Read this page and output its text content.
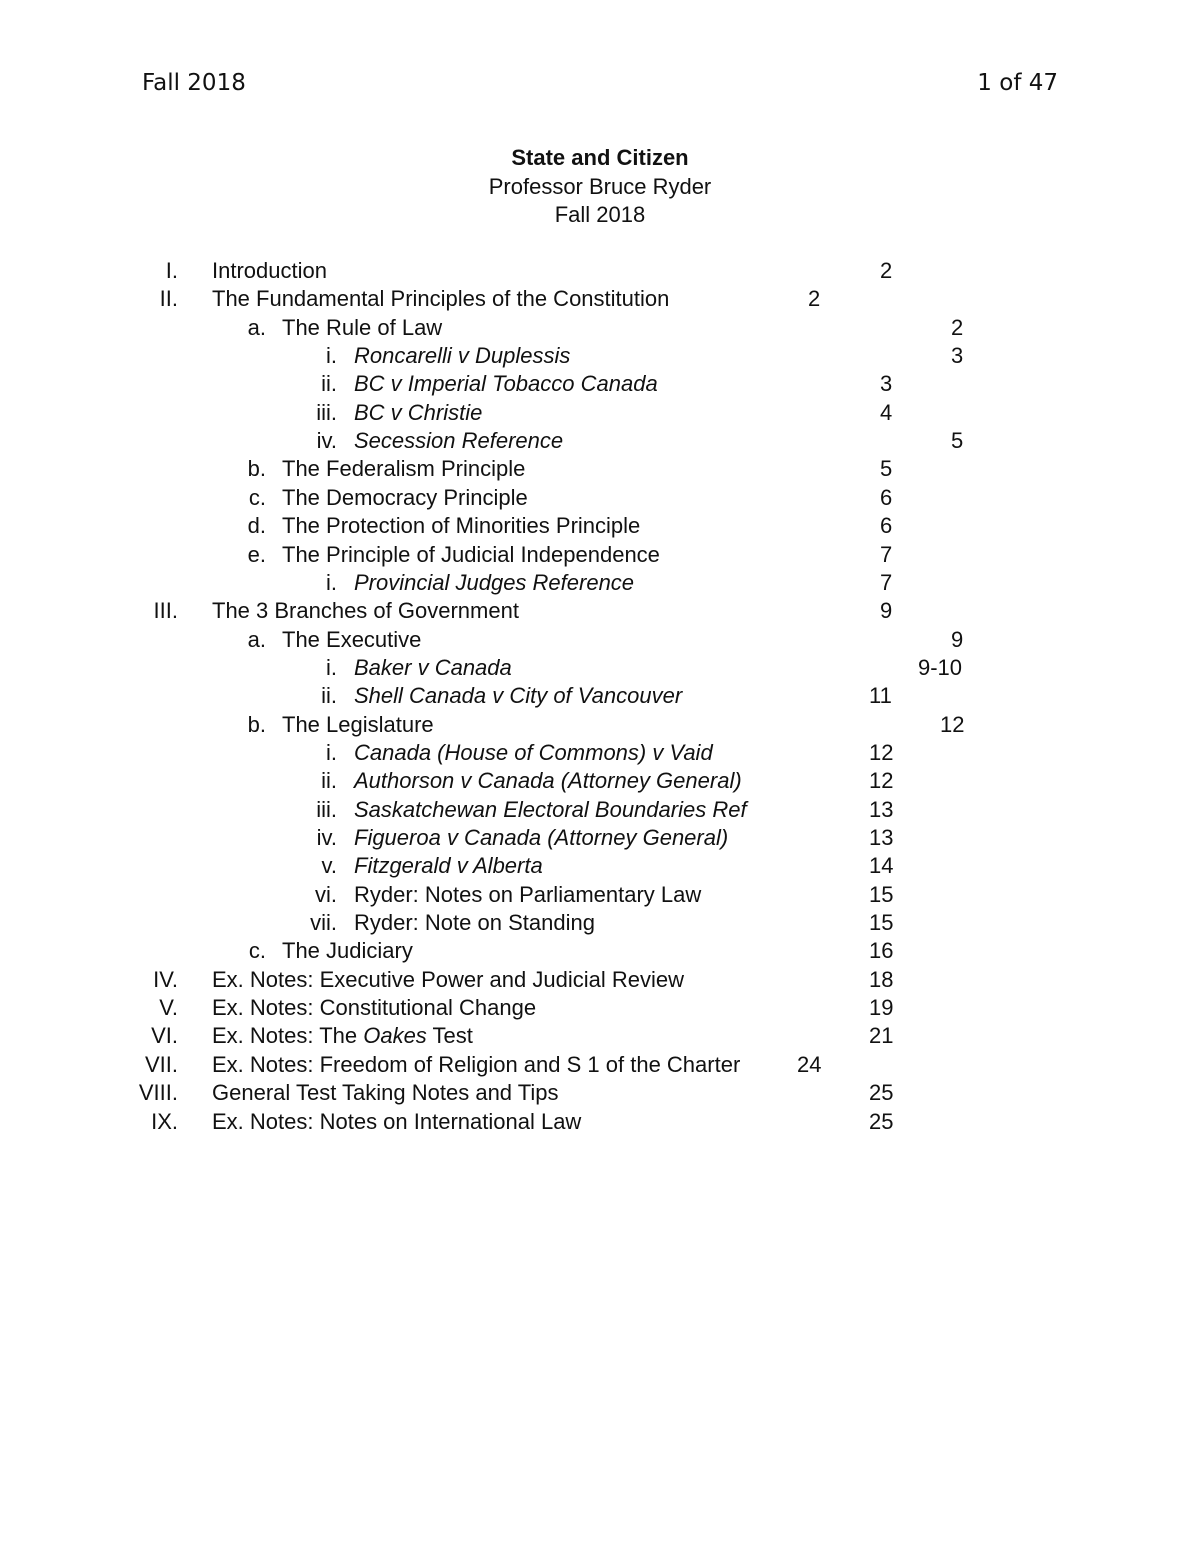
Fall 2018	1 of 47
State and Citizen
Professor Bruce Ryder
Fall 2018
I. Introduction	2
II. The Fundamental Principles of the Constitution	2
a. The Rule of Law	2
i. Roncarelli v Duplessis	3
ii. BC v Imperial Tobacco Canada	3
iii. BC v Christie	4
iv. Secession Reference	5
b. The Federalism Principle	5
c. The Democracy Principle	6
d. The Protection of Minorities Principle	6
e. The Principle of Judicial Independence	7
i. Provincial Judges Reference	7
III. The 3 Branches of Government	9
a. The Executive	9
i. Baker v Canada	9-10
ii. Shell Canada v City of Vancouver	11
b. The Legislature	12
i. Canada (House of Commons) v Vaid	12
ii. Authorson v Canada (Attorney General)	12
iii. Saskatchewan Electoral Boundaries Ref	13
iv. Figueroa v Canada (Attorney General)	13
v. Fitzgerald v Alberta	14
vi. Ryder: Notes on Parliamentary Law	15
vii. Ryder: Note on Standing	15
c. The Judiciary	16
IV. Ex. Notes: Executive Power and Judicial Review	18
V. Ex. Notes: Constitutional Change	19
VI. Ex. Notes: The Oakes Test	21
VII. Ex. Notes: Freedom of Religion and S 1 of the Charter	24
VIII. General Test Taking Notes and Tips	25
IX. Ex. Notes: Notes on International Law	25
